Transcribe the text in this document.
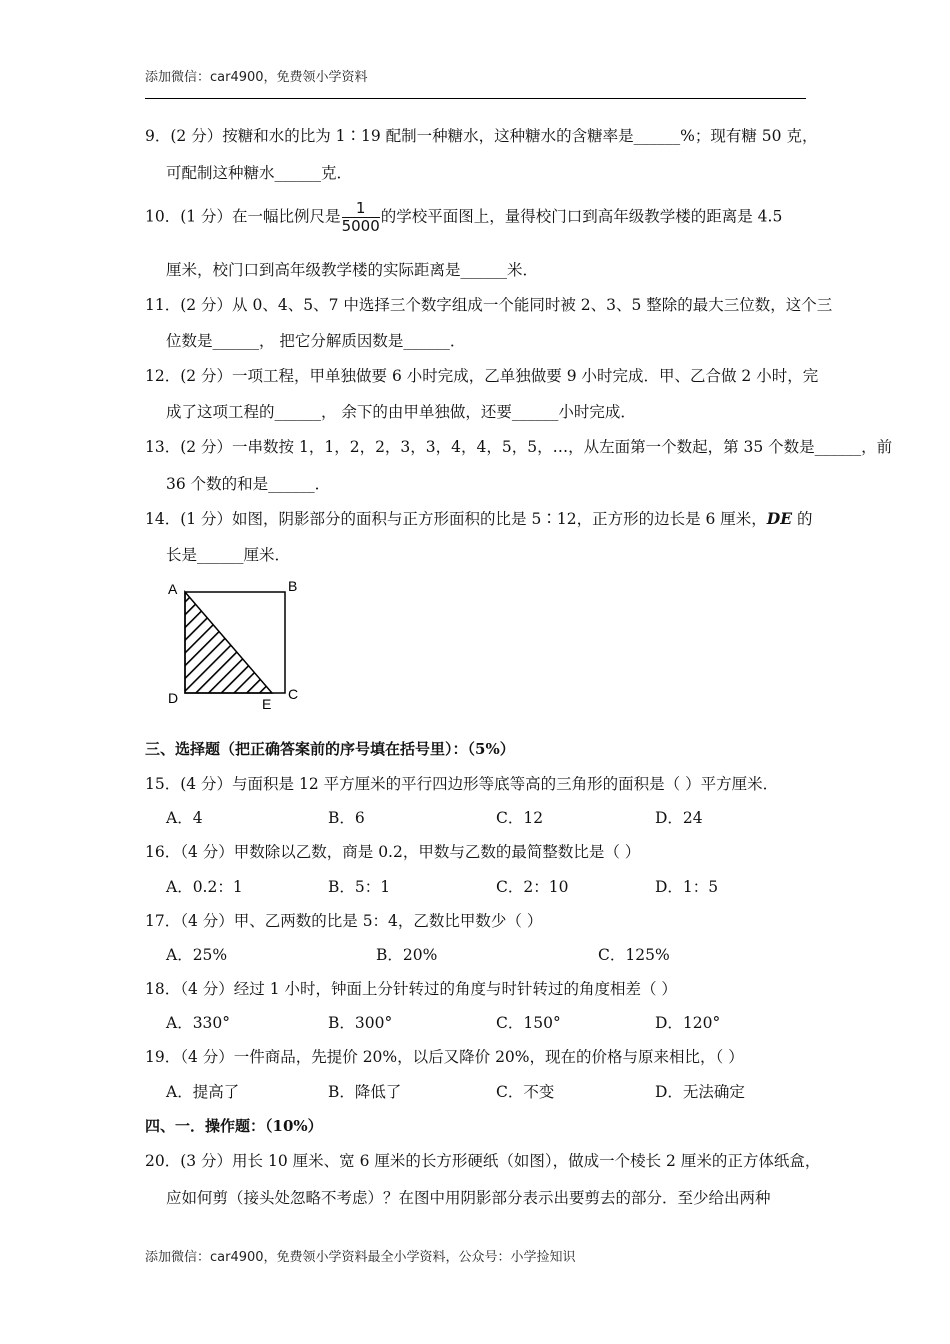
添加微信：car4900，免费领小学资料
9．(2 分）按糖和水的比为 1∶19 配制一种糖水，这种糖水的含糖率是______%；现有糖 50 克，
可配制这种糖水______克．
10．(1 分）在一幅比例尺是 $\frac{1}{5000}$ 的学校平面图上，量得校门口到高年级教学楼的距离是 4.5
厘米，校门口到高年级教学楼的实际距离是______米．
11．(2 分）从 0、4、5、7 中选择三个数字组成一个能同时被 2、3、5 整除的最大三位数，这个三
位数是______， 把它分解质因数是______．
12．(2 分）一项工程，甲单独做要 6 小时完成，乙单独做要 9 小时完成．甲、乙合做 2 小时，完
成了这项工程的______， 余下的由甲单独做，还要______小时完成．
13．(2 分）一串数按 1，1，2，2，3，3，4，4，5，5，…，从左面第一个数起，第 35 个数是______，前
36 个数的和是______．
14．(1 分）如图，阴影部分的面积与正方形面积的比是 5∶12，正方形的边长是 6 厘米，DE 的
长是______厘米．
A	B
C
D	E
三、选择题（把正确答案前的序号填在括号里）：（5%）
15．(4 分）与面积是 12 平方厘米的平行四边形等底等高的三角形的面积是（ ）平方厘米．
A．4	B．6	C．12	D．24
16．（4 分）甲数除以乙数，商是 0.2，甲数与乙数的最简整数比是（ ）
A．0.2：1	B．5：1	C．2：10	D．1：5
17．（4 分）甲、乙两数的比是 5：4，乙数比甲数少（ ）
A．25%	B．20%	C．125%
18．（4 分）经过 1 小时，钟面上分针转过的角度与时针转过的角度相差（ ）
A．330°	B．300°	C．150°	D．120°
19．（4 分）一件商品，先提价 20%，以后又降价 20%，现在的价格与原来相比，（ ）
A．提高了	B．降低了	C．不变	D．无法确定
四、一．操作题：（10%）
20．(3 分）用长 10 厘米、宽 6 厘米的长方形硬纸（如图），做成一个棱长 2 厘米的正方体纸盒，
应如何剪（接头处忽略不考虑）？在图中用阴影部分表示出要剪去的部分．至少给出两种
添加微信：car4900，免费领小学资料最全小学资料，公众号：小学捡知识
